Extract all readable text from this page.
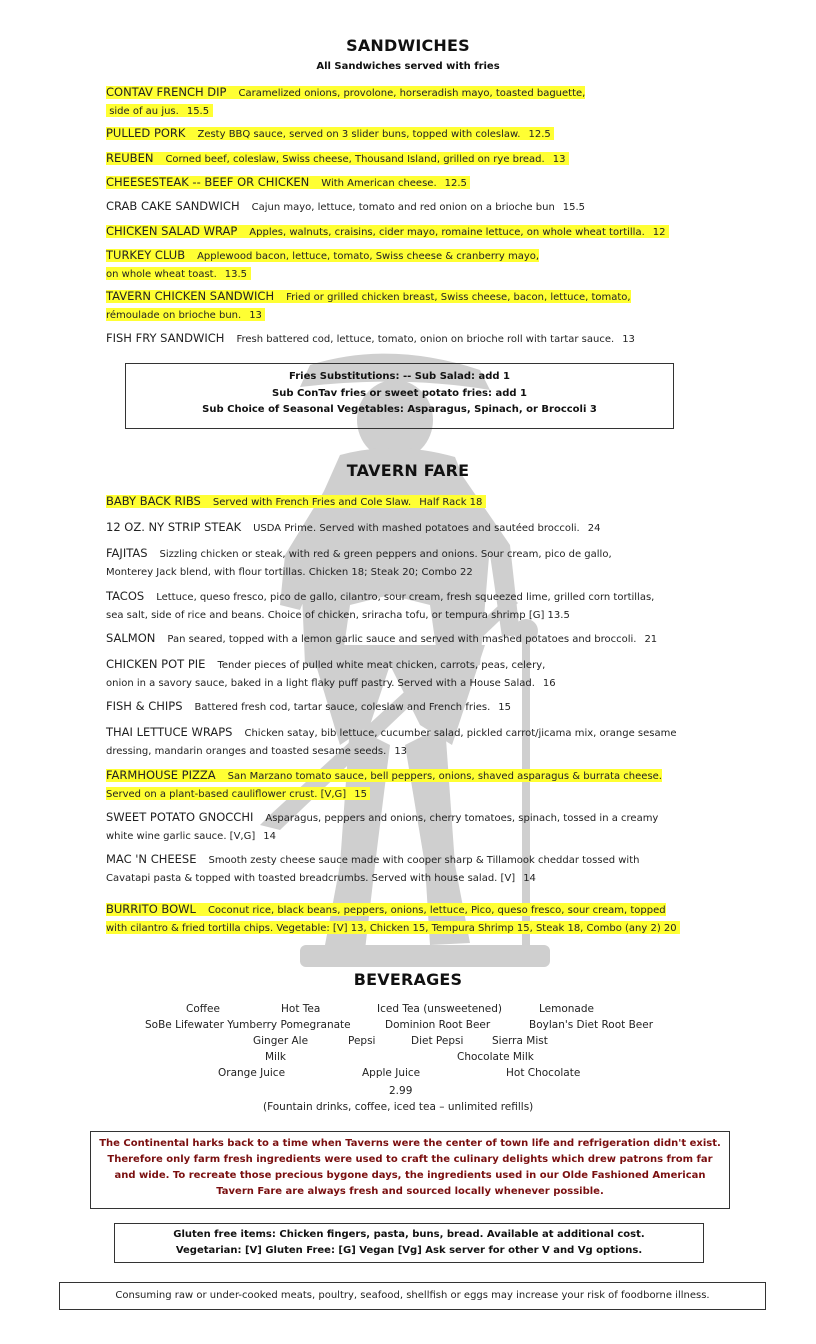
SANDWICHES
All Sandwiches served with fries
CONTAV FRENCH DIP Caramelized onions, provolone, horseradish mayo, toasted baguette,
side of au jus. 15.5
PULLED PORK Zesty BBQ sauce, served on 3 slider buns, topped with coleslaw. 12.5
REUBEN Corned beef, coleslaw, Swiss cheese, Thousand Island, grilled on rye bread. 13
CHEESESTEAK -- BEEF OR CHICKEN With American cheese. 12.5
CRAB CAKE SANDWICH Cajun mayo, lettuce, tomato and red onion on a brioche bun 15.5
CHICKEN SALAD WRAP Apples, walnuts, craisins, cider mayo, romaine lettuce, on whole wheat tortilla. 12
TURKEY CLUB Applewood bacon, lettuce, tomato, Swiss cheese & cranberry mayo,
on whole wheat toast. 13.5
TAVERN CHICKEN SANDWICH Fried or grilled chicken breast, Swiss cheese, bacon, lettuce, tomato,
rémoulade on brioche bun. 13
FISH FRY SANDWICH Fresh battered cod, lettuce, tomato, onion on brioche roll with tartar sauce. 13
Fries Substitutions: -- Sub Salad: add 1
Sub ConTav fries or sweet potato fries: add 1
Sub Choice of Seasonal Vegetables: Asparagus, Spinach, or Broccoli 3
TAVERN FARE
BABY BACK RIBS Served with French Fries and Cole Slaw. Half Rack 18
12 OZ. NY STRIP STEAK USDA Prime. Served with mashed potatoes and sautéed broccoli. 24
FAJITAS Sizzling chicken or steak, with red & green peppers and onions. Sour cream, pico de gallo,
Monterey Jack blend, with flour tortillas. Chicken 18; Steak 20; Combo 22
TACOS Lettuce, queso fresco, pico de gallo, cilantro, sour cream, fresh squeezed lime, grilled corn tortillas,
sea salt, side of rice and beans. Choice of chicken, sriracha tofu, or tempura shrimp [G] 13.5
SALMON Pan seared, topped with a lemon garlic sauce and served with mashed potatoes and broccoli. 21
CHICKEN POT PIE Tender pieces of pulled white meat chicken, carrots, peas, celery,
onion in a savory sauce, baked in a light flaky puff pastry. Served with a House Salad. 16
FISH & CHIPS Battered fresh cod, tartar sauce, coleslaw and French fries. 15
THAI LETTUCE WRAPS Chicken satay, bib lettuce, cucumber salad, pickled carrot/jicama mix, orange sesame
dressing, mandarin oranges and toasted sesame seeds. 13
FARMHOUSE PIZZA San Marzano tomato sauce, bell peppers, onions, shaved asparagus & burrata cheese.
Served on a plant-based cauliflower crust. [V,G] 15
SWEET POTATO GNOCCHI Asparagus, peppers and onions, cherry tomatoes, spinach, tossed in a creamy
white wine garlic sauce. [V,G] 14
MAC 'N CHEESE Smooth zesty cheese sauce made with cooper sharp & Tillamook cheddar tossed with
Cavatapi pasta & topped with toasted breadcrumbs. Served with house salad. [V] 14
BURRITO BOWL Coconut rice, black beans, peppers, onions, lettuce, Pico, queso fresco, sour cream, topped
with cilantro & fried tortilla chips. Vegetable: [V] 13, Chicken 15, Tempura Shrimp 15, Steak 18, Combo (any 2) 20
BEVERAGES
Coffee	Hot Tea	Iced Tea (unsweetened)	Lemonade
SoBe Lifewater Yumberry Pomegranate	Dominion Root Beer	Boylan's Diet Root Beer
Ginger Ale	Pepsi	Diet Pepsi	Sierra Mist
Milk	Chocolate Milk
Orange Juice	Apple Juice	Hot Chocolate
2.99
(Fountain drinks, coffee, iced tea – unlimited refills)
The Continental harks back to a time when Taverns were the center of town life and refrigeration didn't exist. Therefore only farm fresh ingredients were used to craft the culinary delights which drew patrons from far and wide. To recreate those precious bygone days, the ingredients used in our Olde Fashioned American Tavern Fare are always fresh and sourced locally whenever possible.
Gluten free items: Chicken fingers, pasta, buns, bread. Available at additional cost.
Vegetarian: [V] Gluten Free: [G] Vegan [Vg] Ask server for other V and Vg options.
Consuming raw or under-cooked meats, poultry, seafood, shellfish or eggs may increase your risk of foodborne illness.
